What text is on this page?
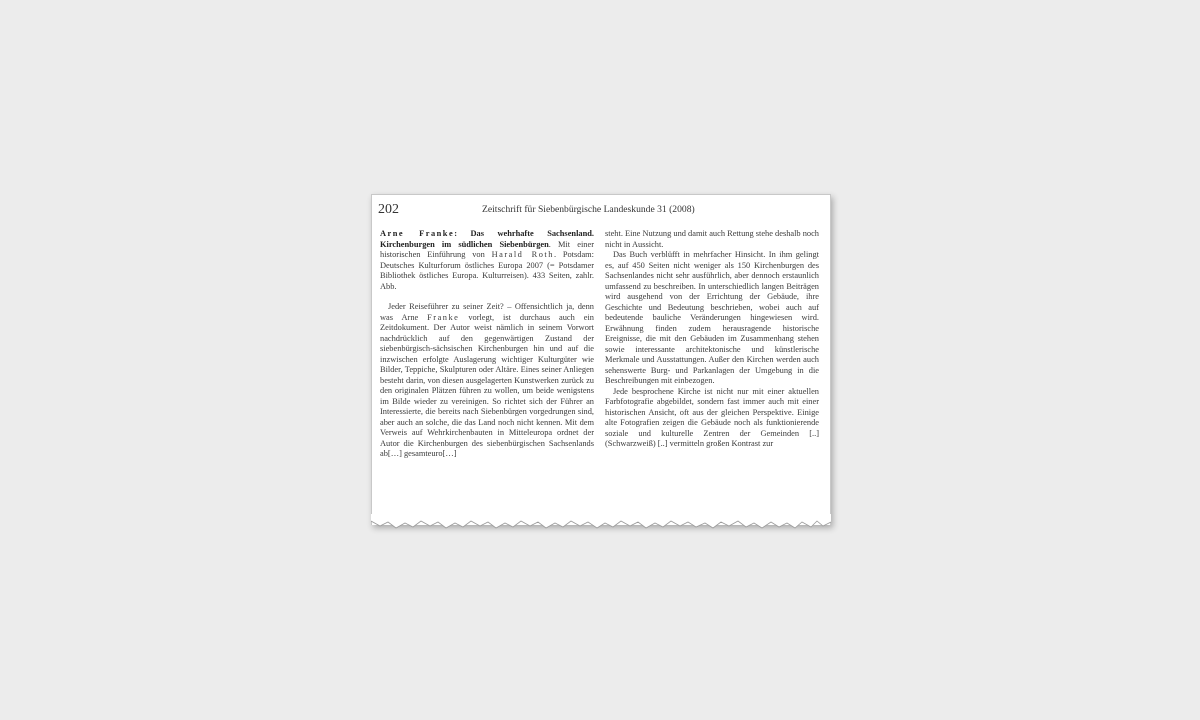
202	Zeitschrift für Siebenbürgische Landeskunde 31 (2008)

Arne Franke: Das wehrhafte Sachsenland. Kirchenburgen im südlichen Siebenbürgen. Mit einer historischen Einführung von Harald Roth. Potsdam: Deutsches Kulturforum östliches Europa 2007 (= Potsdamer Bibliothek östliches Europa. Kulturreisen). 433 Seiten, zahlr. Abb.

Jeder Reiseführer zu seiner Zeit? – Offensichtlich ja, denn was Arne Franke vorlegt, ist durchaus auch ein Zeitdokument. Der Autor weist nämlich in seinem Vorwort nachdrücklich auf den gegenwärtigen Zustand der siebenbürgisch-sächsischen Kirchenburgen hin und auf die inzwischen erfolgte Auslagerung wichtiger Kulturgüter wie Bilder, Teppiche, Skulpturen oder Altäre. Eines seiner Anliegen besteht darin, von diesen ausgelagerten Kunstwerken zurück zu den originalen Plätzen führen zu wollen, um beide wenigstens im Bilde wieder zu vereinigen. So richtet sich der Führer an Interessierte, die bereits nach Siebenbürgen vorgedrungen sind, aber auch an solche, die das Land noch nicht kennen. Mit dem Verweis auf Wehrkirchenbauten in Mitteleuropa ordnet der Autor die Kirchenburgen des siebenbürgischen Sachsenlands ab[…] gesamteuro[…]

steht. Eine Nutzung und damit auch Rettung stehe deshalb noch nicht in Aussicht.

Das Buch verblüfft in mehrfacher Hinsicht. In ihm gelingt es, auf 450 Seiten nicht weniger als 150 Kirchenburgen des Sachsenlandes nicht sehr ausführlich, aber dennoch erstaunlich umfassend zu beschreiben. In unterschiedlich langen Beiträgen wird ausgehend von der Errichtung der Gebäude, ihre Geschichte und Bedeutung beschrieben, wobei auch auf bedeutende bauliche Veränderungen hingewiesen wird. Erwähnung finden zudem herausragende historische Ereignisse, die mit den Gebäuden im Zusammenhang stehen sowie interessante architektonische und künstlerische Merkmale und Ausstattungen. Außer den Kirchen werden auch sehenswerte Burg- und Parkanlagen der Umgebung in die Beschreibungen mit einbezogen.

Jede besprochene Kirche ist nicht nur mit einer aktuellen Farbfotografie abgebildet, sondern fast immer auch mit einer historischen Ansicht, oft aus der gleichen Perspektive. Einige alte Fotografien zeigen die Gebäude noch als funktionierende soziale und kulturelle Zentren der Gemeinden [..] (Schwarzweiß) [..] vermitteln großen Kontrast zur
